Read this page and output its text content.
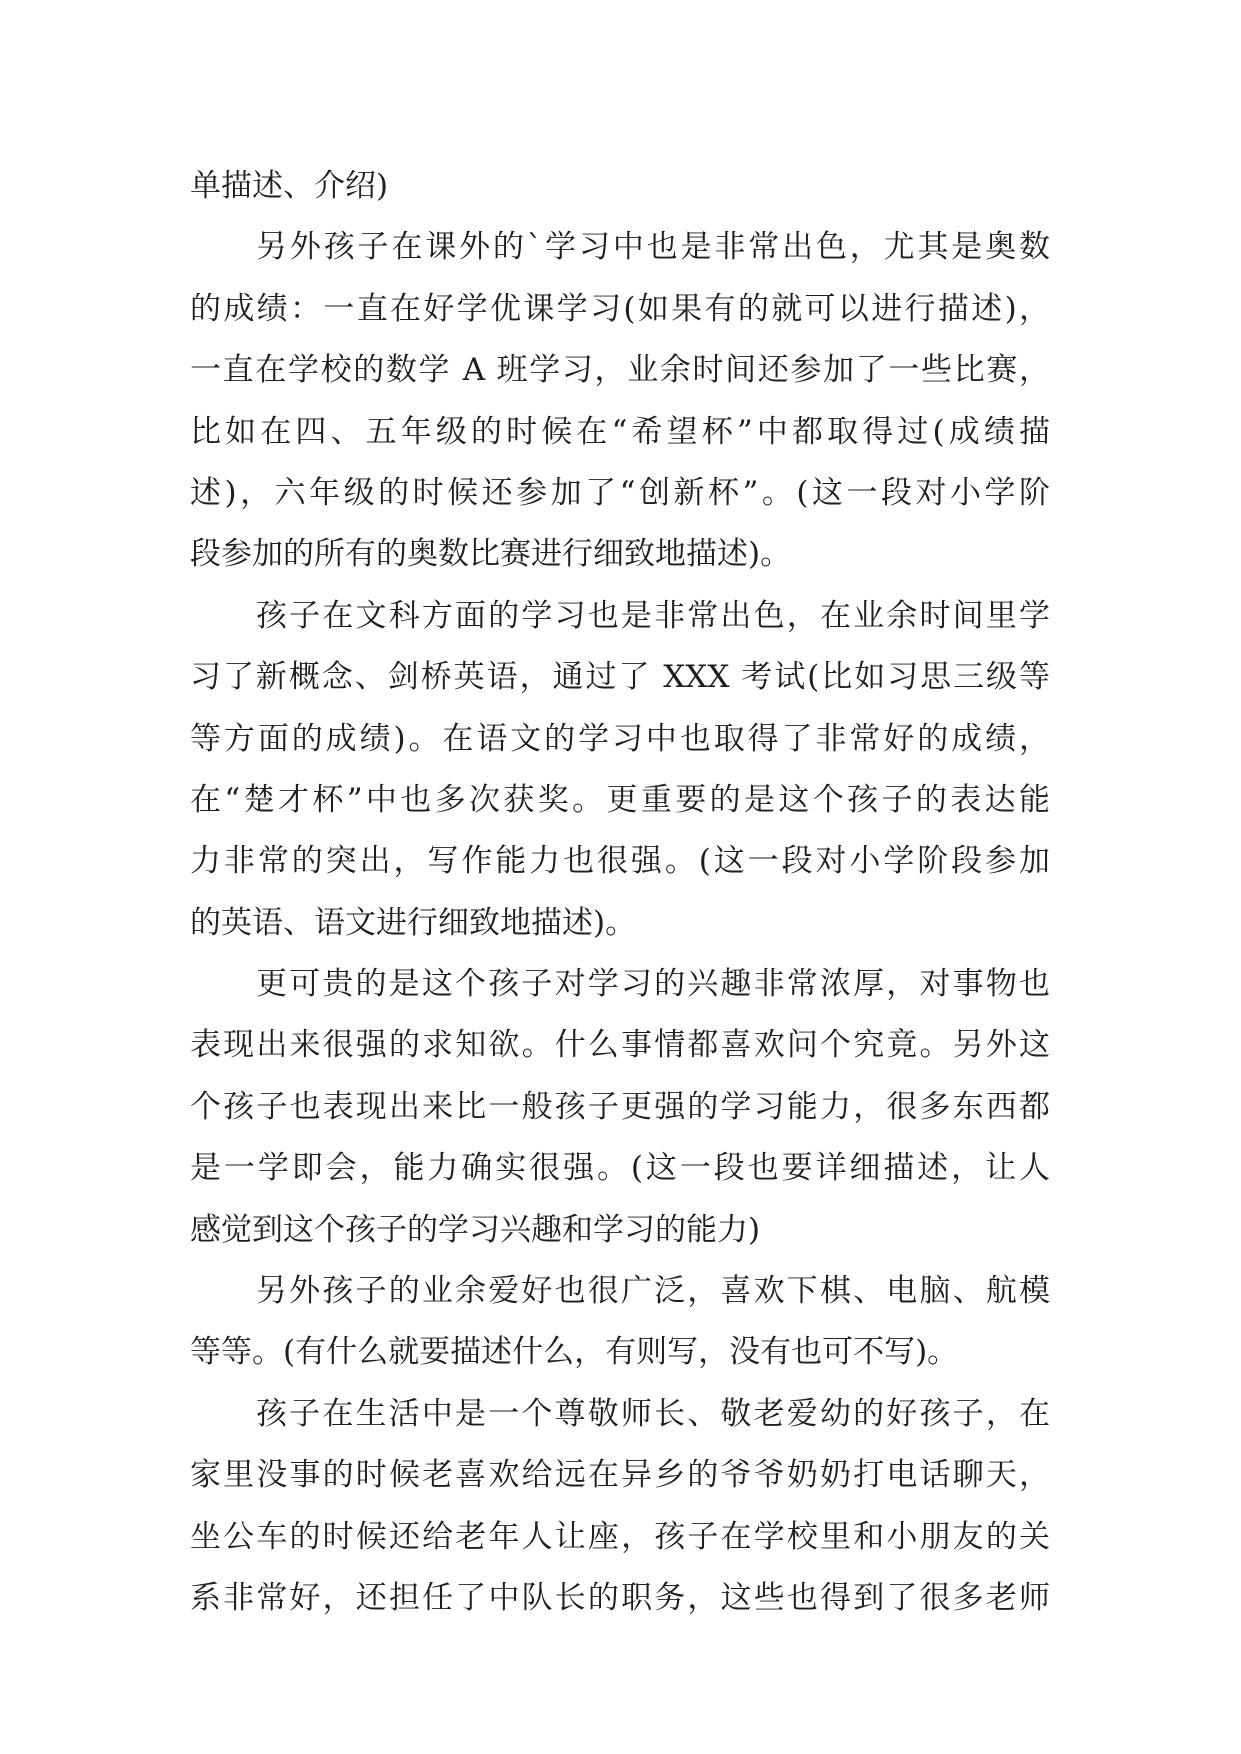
单描述、介绍)
另外孩子在课外的`学习中也是非常出色，尤其是奥数
的成绩：一直在好学优课学习(如果有的就可以进行描述)，
一直在学校的数学 A 班学习，业余时间还参加了一些比赛，
比如在四、五年级的时候在“希望杯”中都取得过(成绩描
述)，六年级的时候还参加了“创新杯”。(这一段对小学阶
段参加的所有的奥数比赛进行细致地描述)。
孩子在文科方面的学习也是非常出色，在业余时间里学
习了新概念、剑桥英语，通过了 XXX 考试(比如习思三级等
等方面的成绩)。在语文的学习中也取得了非常好的成绩，
在“楚才杯”中也多次获奖。更重要的是这个孩子的表达能
力非常的突出，写作能力也很强。(这一段对小学阶段参加
的英语、语文进行细致地描述)。
更可贵的是这个孩子对学习的兴趣非常浓厚，对事物也
表现出来很强的求知欲。什么事情都喜欢问个究竟。另外这
个孩子也表现出来比一般孩子更强的学习能力，很多东西都
是一学即会，能力确实很强。(这一段也要详细描述，让人
感觉到这个孩子的学习兴趣和学习的能力)
另外孩子的业余爱好也很广泛，喜欢下棋、电脑、航模
等等。(有什么就要描述什么，有则写，没有也可不写)。
孩子在生活中是一个尊敬师长、敬老爱幼的好孩子，在
家里没事的时候老喜欢给远在异乡的爷爷奶奶打电话聊天，
坐公车的时候还给老年人让座，孩子在学校里和小朋友的关
系非常好，还担任了中队长的职务，这些也得到了很多老师
